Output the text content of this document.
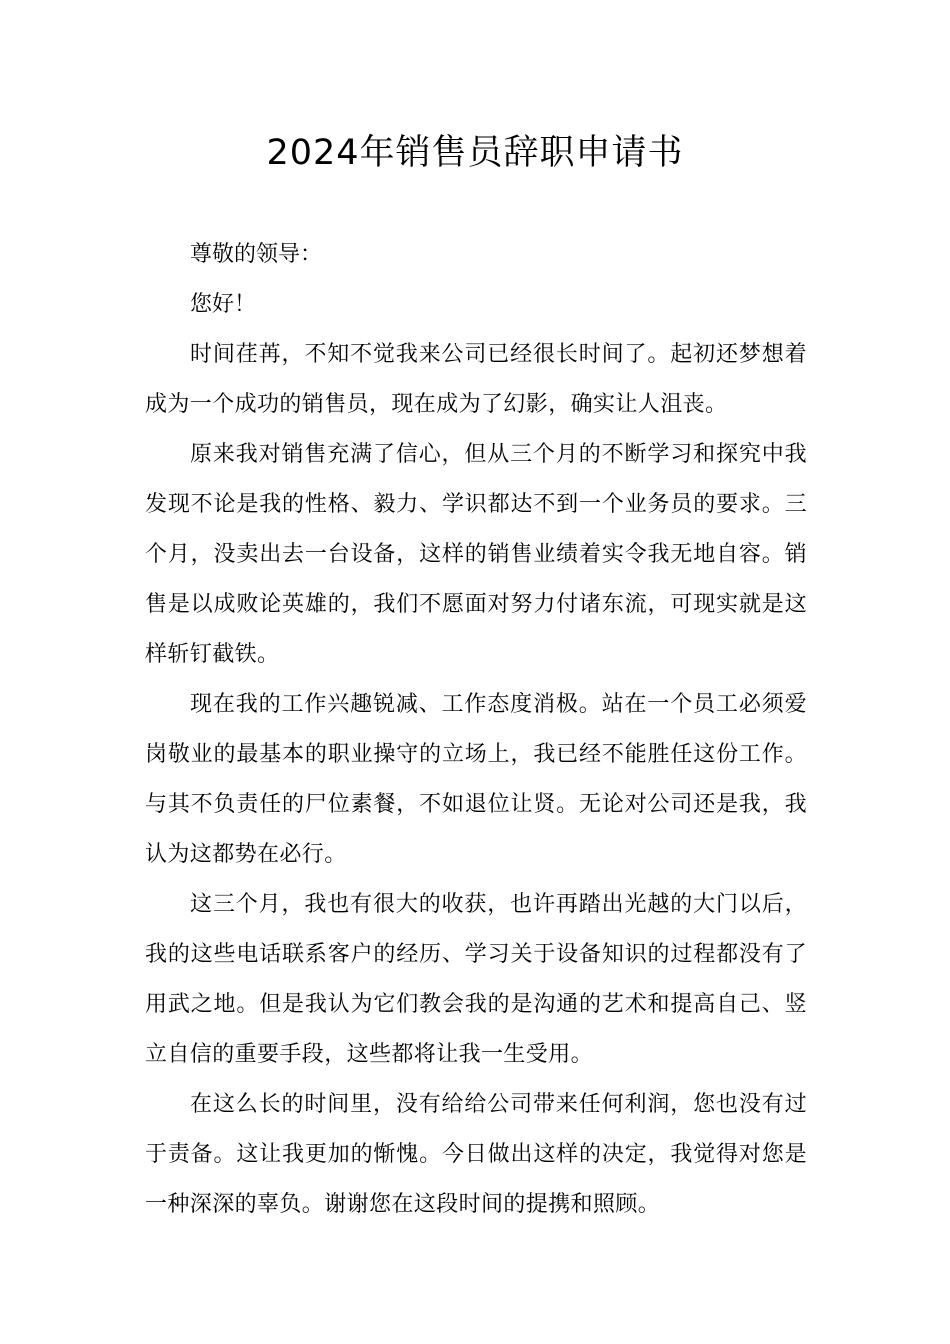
2024年销售员辞职申请书

尊敬的领导：

您好！

时间荏苒，不知不觉我来公司已经很长时间了。起初还梦想着成为一个成功的销售员，现在成为了幻影，确实让人沮丧。

原来我对销售充满了信心，但从三个月的不断学习和探究中我发现不论是我的性格、毅力、学识都达不到一个业务员的要求。三个月，没卖出去一台设备，这样的销售业绩着实令我无地自容。销售是以成败论英雄的，我们不愿面对努力付诸东流，可现实就是这样斩钉截铁。

现在我的工作兴趣锐减、工作态度消极。站在一个员工必须爱岗敬业的最基本的职业操守的立场上，我已经不能胜任这份工作。与其不负责任的尸位素餐，不如退位让贤。无论对公司还是我，我认为这都势在必行。

这三个月，我也有很大的收获，也许再踏出光越的大门以后，我的这些电话联系客户的经历、学习关于设备知识的过程都没有了用武之地。但是我认为它们教会我的是沟通的艺术和提高自己、竖立自信的重要手段，这些都将让我一生受用。

在这么长的时间里，没有给给公司带来任何利润，您也没有过于责备。这让我更加的惭愧。今日做出这样的决定，我觉得对您是一种深深的辜负。谢谢您在这段时间的提携和照顾。
